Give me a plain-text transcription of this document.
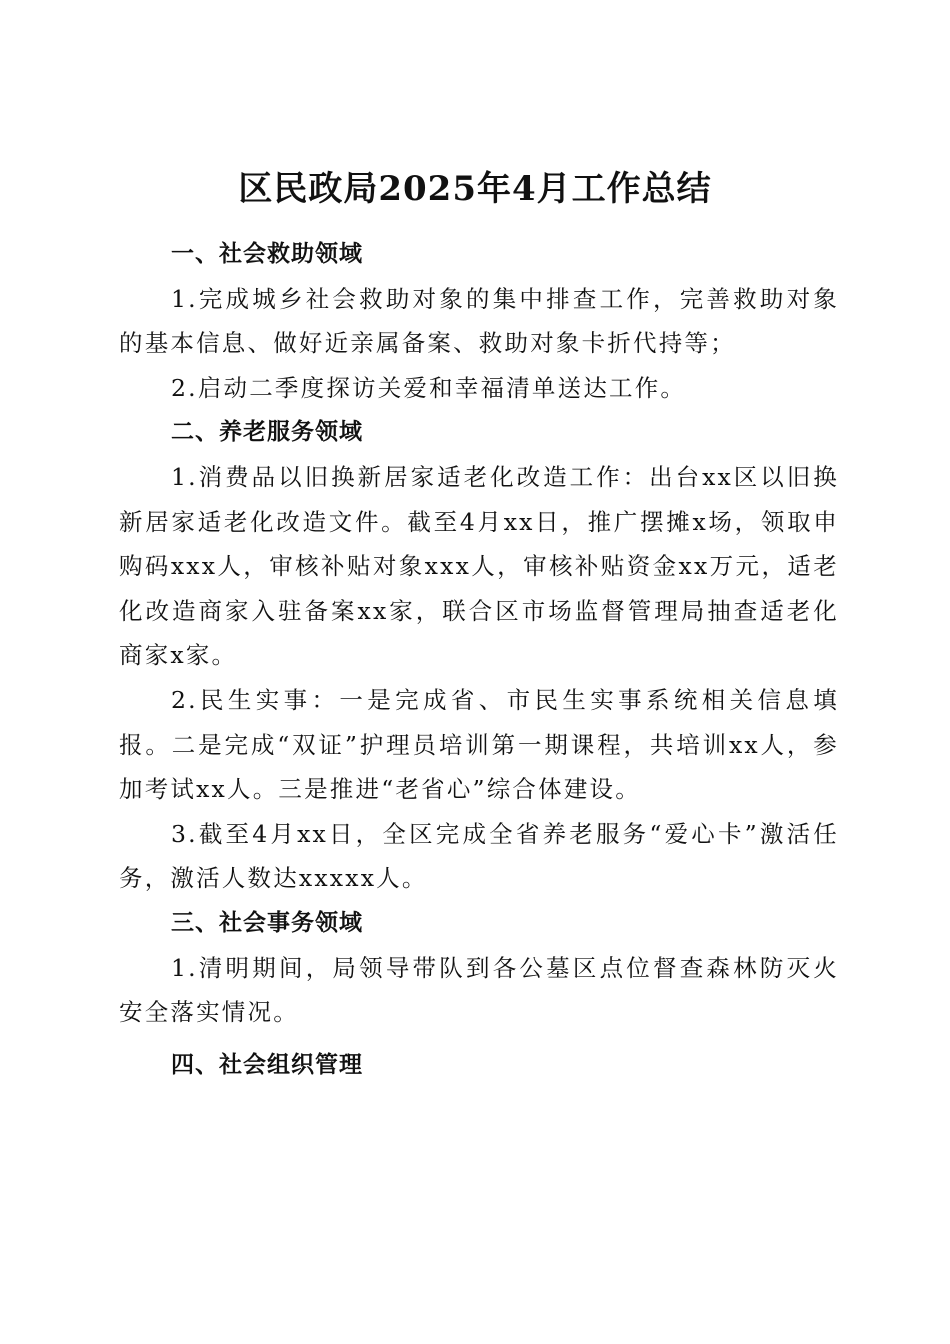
区民政局2025年4月工作总结

一、社会救助领域

1.完成城乡社会救助对象的集中排查工作，完善救助对象的基本信息、做好近亲属备案、救助对象卡折代持等；

2.启动二季度探访关爱和幸福清单送达工作。

二、养老服务领域

1.消费品以旧换新居家适老化改造工作：出台xx区以旧换新居家适老化改造文件。截至4月xx日，推广摆摊x场，领取申购码xxx人，审核补贴对象xxx人，审核补贴资金xx万元，适老化改造商家入驻备案xx家，联合区市场监督管理局抽查适老化商家x家。

2.民生实事：一是完成省、市民生实事系统相关信息填报。二是完成“双证”护理员培训第一期课程，共培训xx人，参加考试xx人。三是推进“老省心”综合体建设。

3.截至4月xx日，全区完成全省养老服务“爱心卡”激活任务，激活人数达xxxxx人。

三、社会事务领域

1.清明期间，局领导带队到各公墓区点位督查森林防灭火安全落实情况。

四、社会组织管理
